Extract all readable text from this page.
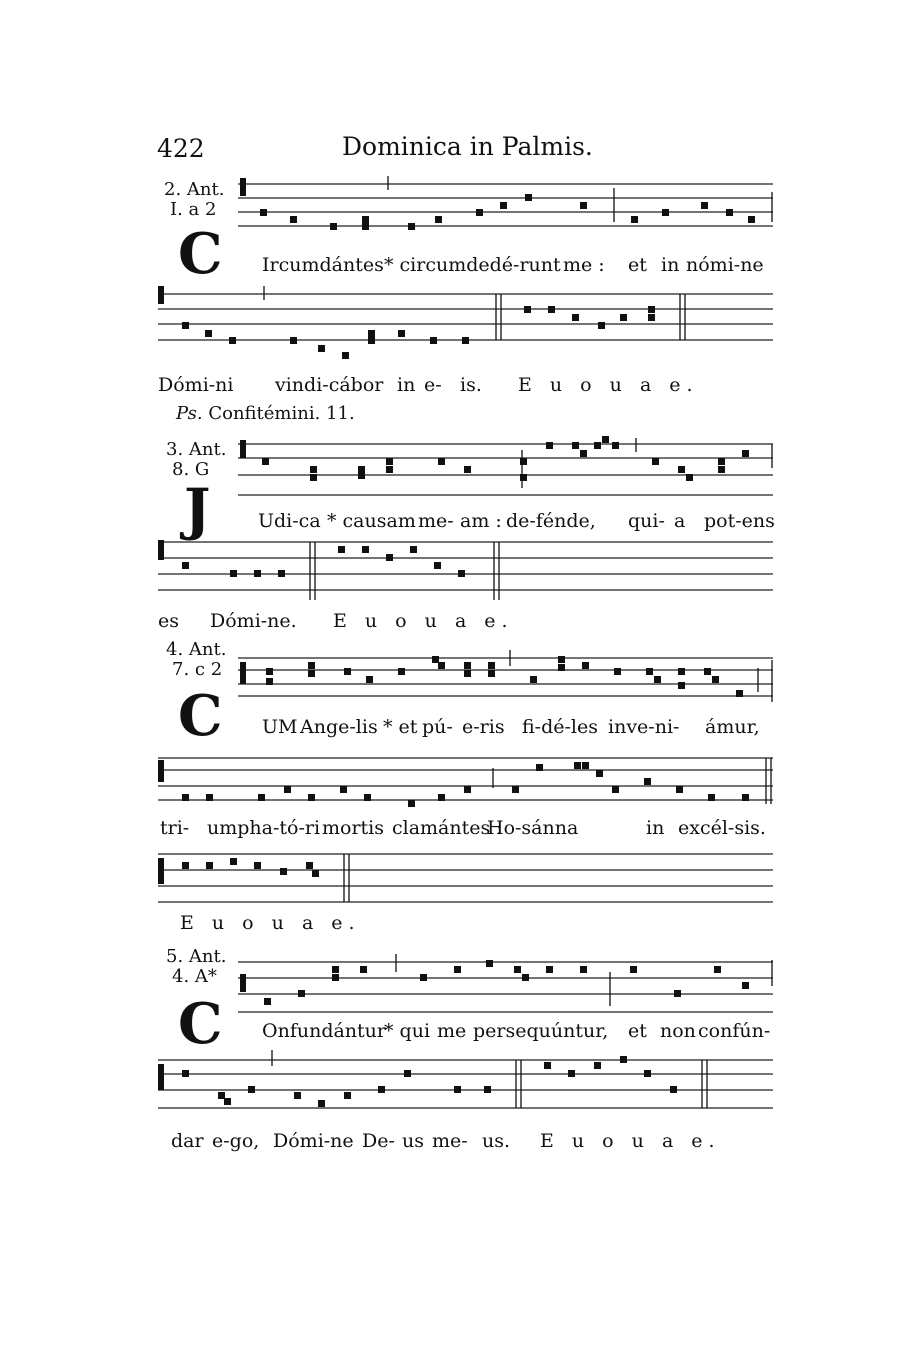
422	Dominica in Palmis.
2. Ant.
I. a 2
C Ircumdántes * circumdedé-runt me : et in nómi-ne
Dómi-ni vindi-cábor in e- is. E u o u a e.
Ps. Confitémini. 11.
3. Ant.
8. G
J	Udi-ca * causam me- am : de-fénde, qui- a pot-ens
es Dómi-ne. E u o u a e.
4. Ant.
7. c 2
C UM Ange-lis * et pú- e-ris fi-dé-les inve-ni- ámur,
tri- umpha-tó-ri mortis clamántes :
Ho-sánna	in excél-sis.
E u o u a e.
5. Ant.
4. A*
C Onfundántur
* qui me persequúntur, et non confún-
dar e-go, Dómi-ne De- us me- us. E u o u a e.
